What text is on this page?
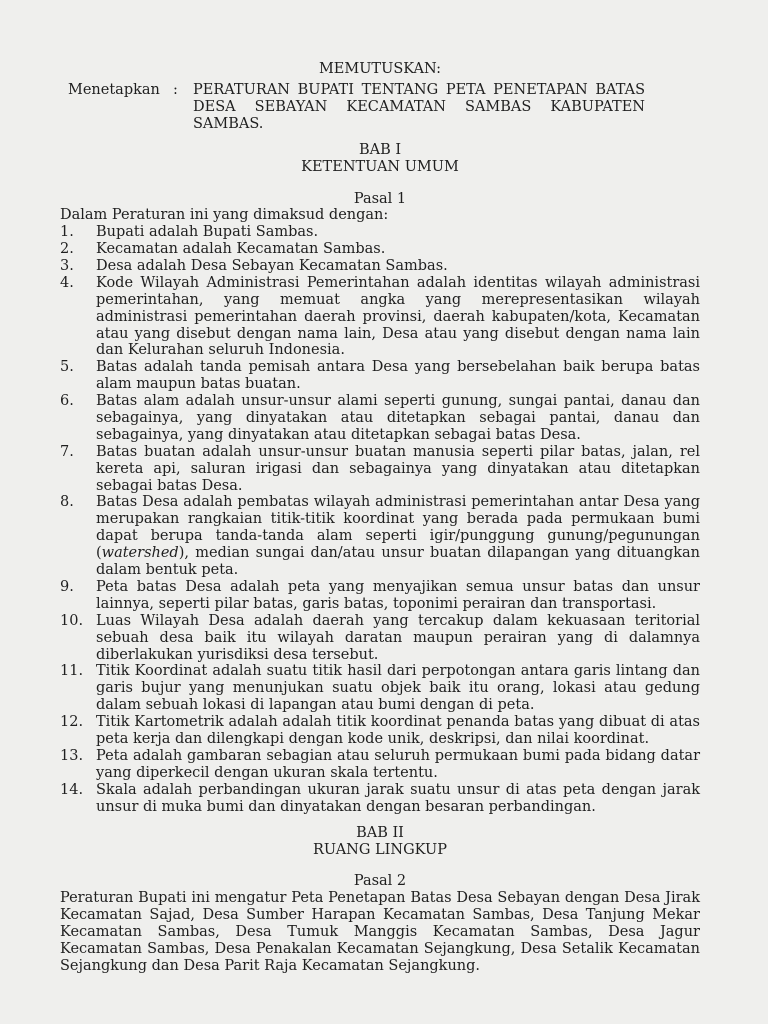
MEMUTUSKAN:
Menetapkan : PERATURAN BUPATI TENTANG PETA PENETAPAN BATAS
DESA SEBAYAN KECAMATAN SAMBAS KABUPATEN
SAMBAS.
BAB I
KETENTUAN UMUM
Pasal 1
Dalam Peraturan ini yang dimaksud dengan:
1. Bupati adalah Bupati Sambas.
2. Kecamatan adalah Kecamatan Sambas.
3. Desa adalah Desa Sebayan Kecamatan Sambas.
4. Kode Wilayah Administrasi Pemerintahan adalah identitas wilayah administrasi
pemerintahan, yang memuat angka yang merepresentasikan wilayah
administrasi pemerintahan daerah provinsi, daerah kabupaten/kota, Kecamatan
atau yang disebut dengan nama lain, Desa atau yang disebut dengan nama lain
dan Kelurahan seluruh Indonesia.
5. Batas adalah tanda pemisah antara Desa yang bersebelahan baik berupa batas
alam maupun batas buatan.
6. Batas alam adalah unsur-unsur alami seperti gunung, sungai pantai, danau dan
sebagainya, yang dinyatakan atau ditetapkan sebagai pantai, danau dan
sebagainya, yang dinyatakan atau ditetapkan sebagai batas Desa.
7. Batas buatan adalah unsur-unsur buatan manusia seperti pilar batas, jalan, rel
kereta api, saluran irigasi dan sebagainya yang dinyatakan atau ditetapkan
sebagai batas Desa.
8. Batas Desa adalah pembatas wilayah administrasi pemerintahan antar Desa yang
merupakan rangkaian titik-titik koordinat yang berada pada permukaan bumi
dapat berupa tanda-tanda alam seperti igir/punggung gunung/pegunungan
(watershed), median sungai dan/atau unsur buatan dilapangan yang dituangkan
dalam bentuk peta.
9. Peta batas Desa adalah peta yang menyajikan semua unsur batas dan unsur
lainnya, seperti pilar batas, garis batas, toponimi perairan dan transportasi.
10. Luas Wilayah Desa adalah daerah yang tercakup dalam kekuasaan teritorial
sebuah desa baik itu wilayah daratan maupun perairan yang di dalamnya
diberlakukan yurisdiksi desa tersebut.
11. Titik Koordinat adalah suatu titik hasil dari perpotongan antara garis lintang dan
garis bujur yang menunjukan suatu objek baik itu orang, lokasi atau gedung
dalam sebuah lokasi di lapangan atau bumi dengan di peta.
12. Titik Kartometrik adalah adalah titik koordinat penanda batas yang dibuat di atas
peta kerja dan dilengkapi dengan kode unik, deskripsi, dan nilai koordinat.
13. Peta adalah gambaran sebagian atau seluruh permukaan bumi pada bidang datar
yang diperkecil dengan ukuran skala tertentu.
14. Skala adalah perbandingan ukuran jarak suatu unsur di atas peta dengan jarak
unsur di muka bumi dan dinyatakan dengan besaran perbandingan.
BAB II
RUANG LINGKUP
Pasal 2
Peraturan Bupati ini mengatur Peta Penetapan Batas Desa Sebayan dengan Desa Jirak
Kecamatan Sajad, Desa Sumber Harapan Kecamatan Sambas, Desa Tanjung Mekar
Kecamatan Sambas, Desa Tumuk Manggis Kecamatan Sambas, Desa Jagur
Kecamatan Sambas, Desa Penakalan Kecamatan Sejangkung, Desa Setalik Kecamatan
Sejangkung dan Desa Parit Raja Kecamatan Sejangkung.
